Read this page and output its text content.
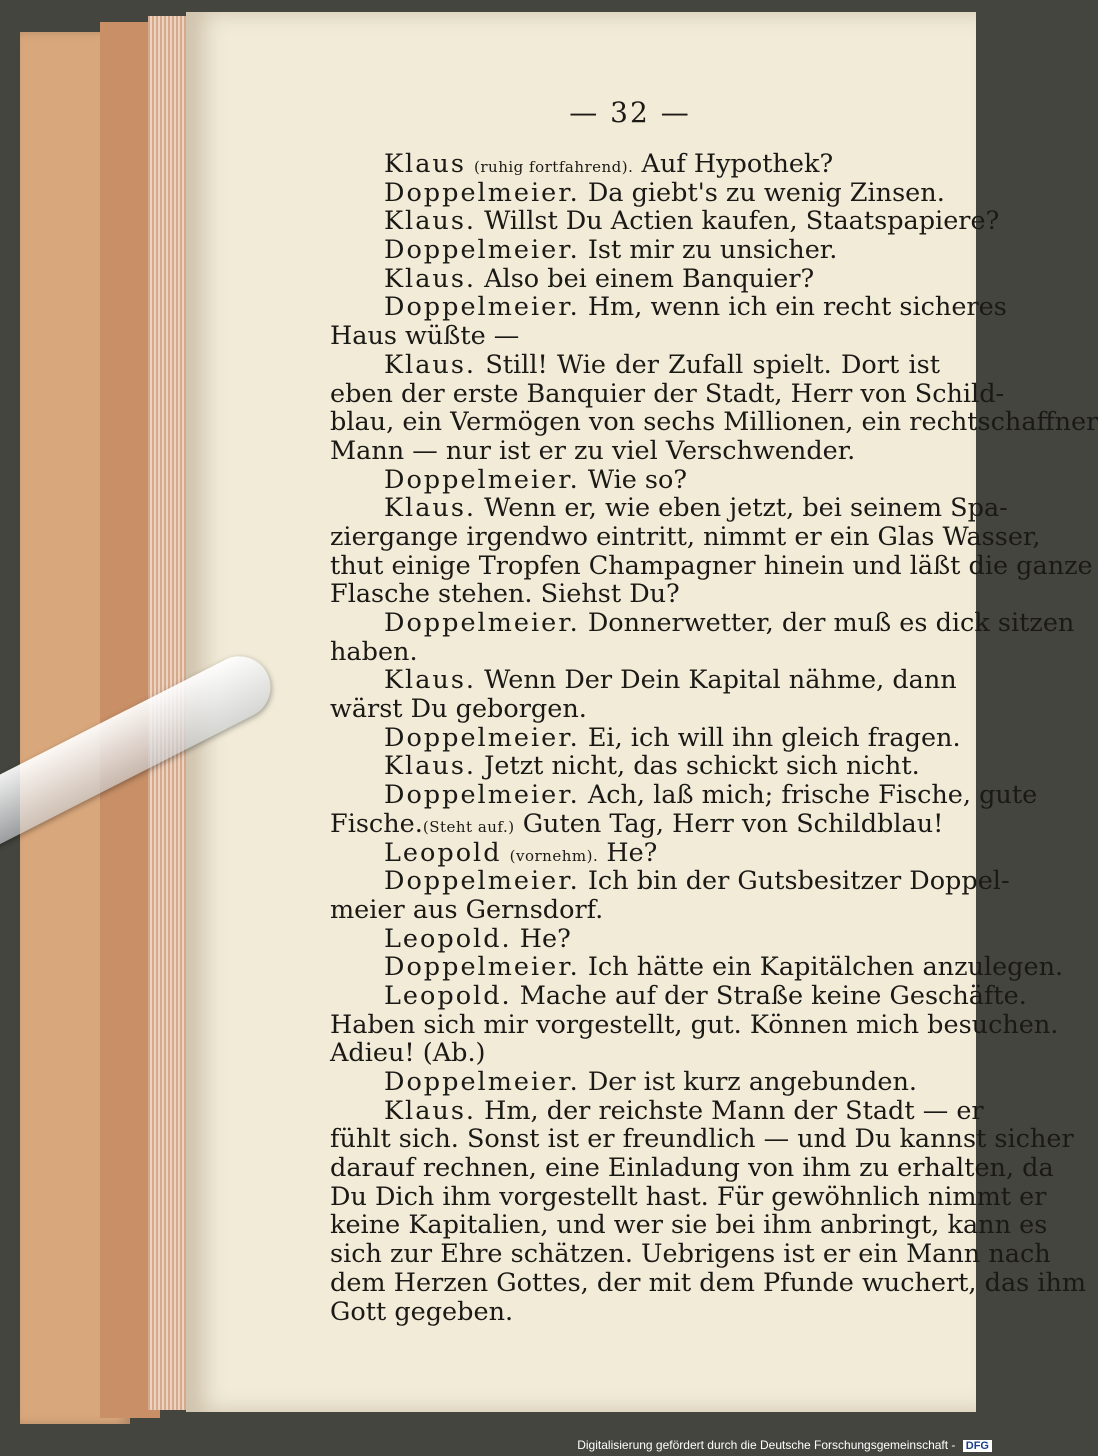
— 32 —
Klaus (ruhig fortfahrend). Auf Hypothek?
Doppelmeier. Da giebt's zu wenig Zinsen.
Klaus. Willst Du Actien kaufen, Staatspapiere?
Doppelmeier. Ist mir zu unsicher.
Klaus. Also bei einem Banquier?
Doppelmeier. Hm, wenn ich ein recht sicheres
Haus wüßte —
Klaus. Still! Wie der Zufall spielt. Dort ist
eben der erste Banquier der Stadt, Herr von Schild-
blau, ein Vermögen von sechs Millionen, ein rechtschaffner
Mann — nur ist er zu viel Verschwender.
Doppelmeier. Wie so?
Klaus. Wenn er, wie eben jetzt, bei seinem Spa-
ziergange irgendwo eintritt, nimmt er ein Glas Wasser,
thut einige Tropfen Champagner hinein und läßt die ganze
Flasche stehen. Siehst Du?
Doppelmeier. Donnerwetter, der muß es dick sitzen
haben.
Klaus. Wenn Der Dein Kapital nähme, dann
wärst Du geborgen.
Doppelmeier. Ei, ich will ihn gleich fragen.
Klaus. Jetzt nicht, das schickt sich nicht.
Doppelmeier. Ach, laß mich; frische Fische, gute
Fische.(Steht auf.) Guten Tag, Herr von Schildblau!
Leopold (vornehm). He?
Doppelmeier. Ich bin der Gutsbesitzer Doppel-
meier aus Gernsdorf.
Leopold. He?
Doppelmeier. Ich hätte ein Kapitälchen anzulegen.
Leopold. Mache auf der Straße keine Geschäfte.
Haben sich mir vorgestellt, gut. Können mich besuchen.
Adieu! (Ab.)
Doppelmeier. Der ist kurz angebunden.
Klaus. Hm, der reichste Mann der Stadt — er
fühlt sich. Sonst ist er freundlich — und Du kannst sicher
darauf rechnen, eine Einladung von ihm zu erhalten, da
Du Dich ihm vorgestellt hast. Für gewöhnlich nimmt er
keine Kapitalien, und wer sie bei ihm anbringt, kann es
sich zur Ehre schätzen. Uebrigens ist er ein Mann nach
dem Herzen Gottes, der mit dem Pfunde wuchert, das ihm
Gott gegeben.
Digitalisierung gefördert durch die Deutsche Forschungsgemeinschaft - DFG
